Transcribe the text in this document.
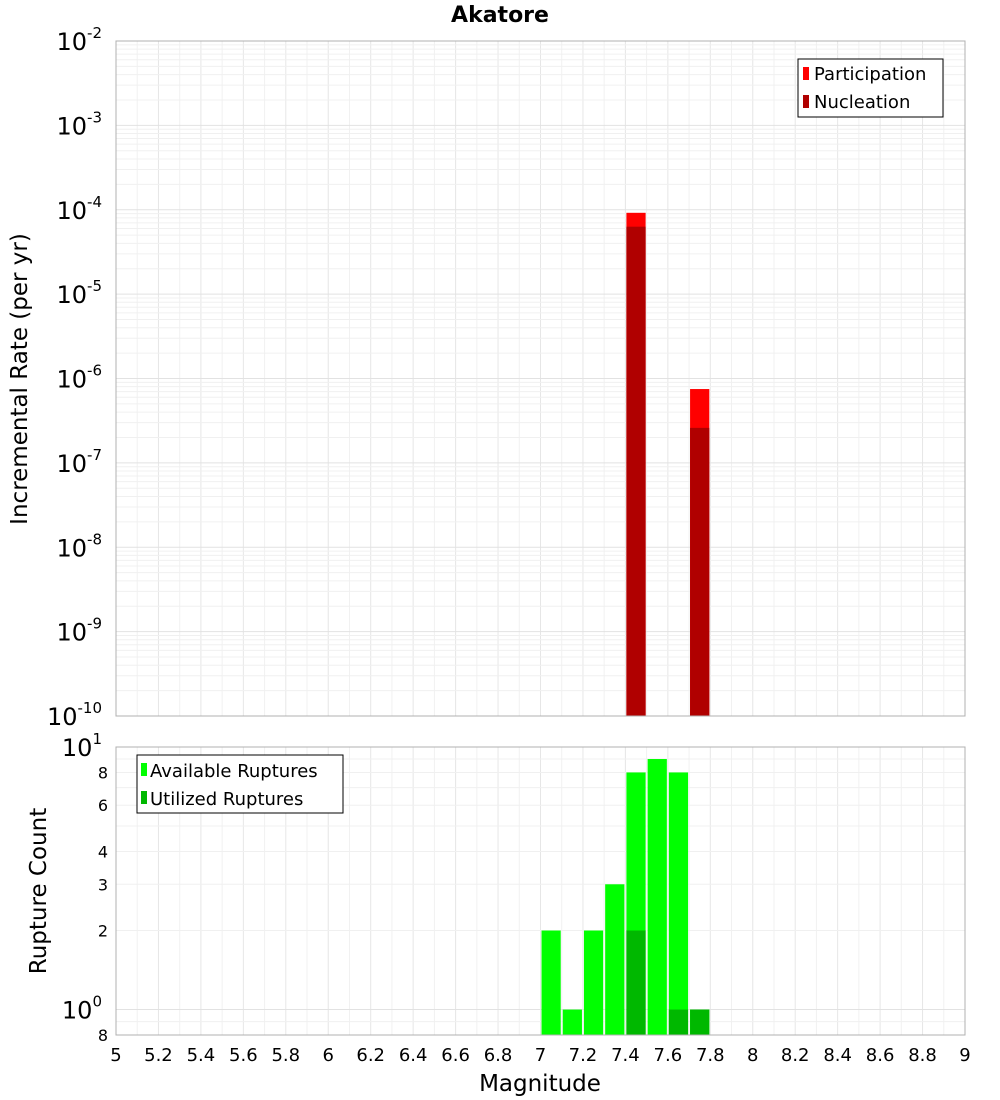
Akatore
10-2
10-3
10-4
10-5
10-6
10-7
10-8
10-9
10-10
Incremental Rate (per yr)
Participation
Nucleation
101
8
6
4
3
2
100
8
Rupture Count
Available Ruptures
Utilized Ruptures
5 5.2 5.4 5.6 5.8 6 6.2 6.4 6.6 6.8 7 7.2 7.4 7.6 7.8 8 8.2 8.4 8.6 8.8 9
Magnitude
